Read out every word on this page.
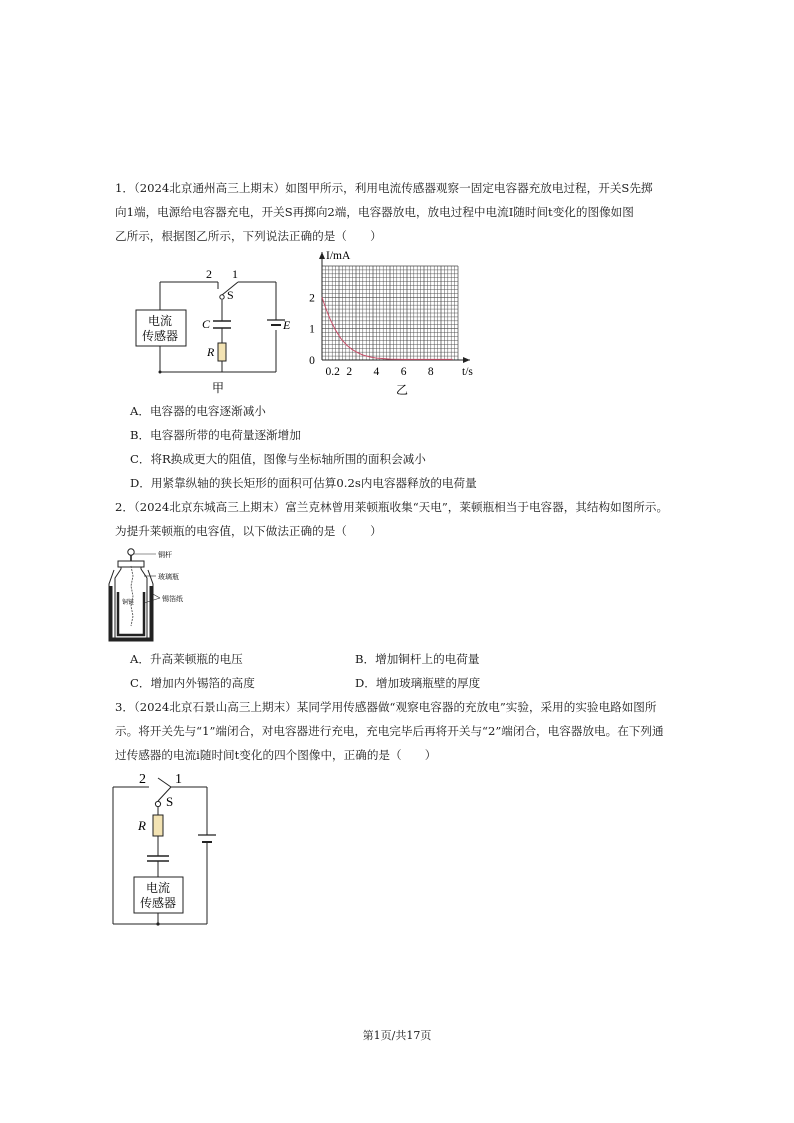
1．（2024北京通州高三上期末）如图甲所示，利用电流传感器观察一固定电容器充放电过程，开关S先掷
向1端，电源给电容器充电，开关S再掷向2端，电容器放电，放电过程中电流I随时间t变化的图像如图
乙所示，根据图乙所示，下列说法正确的是（　　）
电流
传感器
2 1
S
C
R
E
甲
0.2 2 4 6 8
0
1
2
I/mA
t/s
乙
A．电容器的电容逐渐减小
B．电容器所带的电荷量逐渐增加
C．将R换成更大的阻值，图像与坐标轴所围的面积会减小
D．用紧靠纵轴的狭长矩形的面积可估算0.2s内电容器释放的电荷量
2．（2024北京东城高三上期末）富兰克林曾用莱顿瓶收集“天电”，莱顿瓶相当于电容器，其结构如图所示。
为提升莱顿瓶的电容值，以下做法正确的是（　　）
铜杆
玻璃瓶
锡箔纸
铜链
A．升高莱顿瓶的电压	B．增加铜杆上的电荷量
C．增加内外锡箔的高度	D．增加玻璃瓶壁的厚度
3．（2024北京石景山高三上期末）某同学用传感器做“观察电容器的充放电”实验，采用的实验电路如图所
示。将开关先与“1”端闭合，对电容器进行充电，充电完毕后再将开关与“2”端闭合，电容器放电。在下列通
过传感器的电流i随时间t变化的四个图像中，正确的是（　　）
电流
传感器
2 1
S
R
第1页/共17页
